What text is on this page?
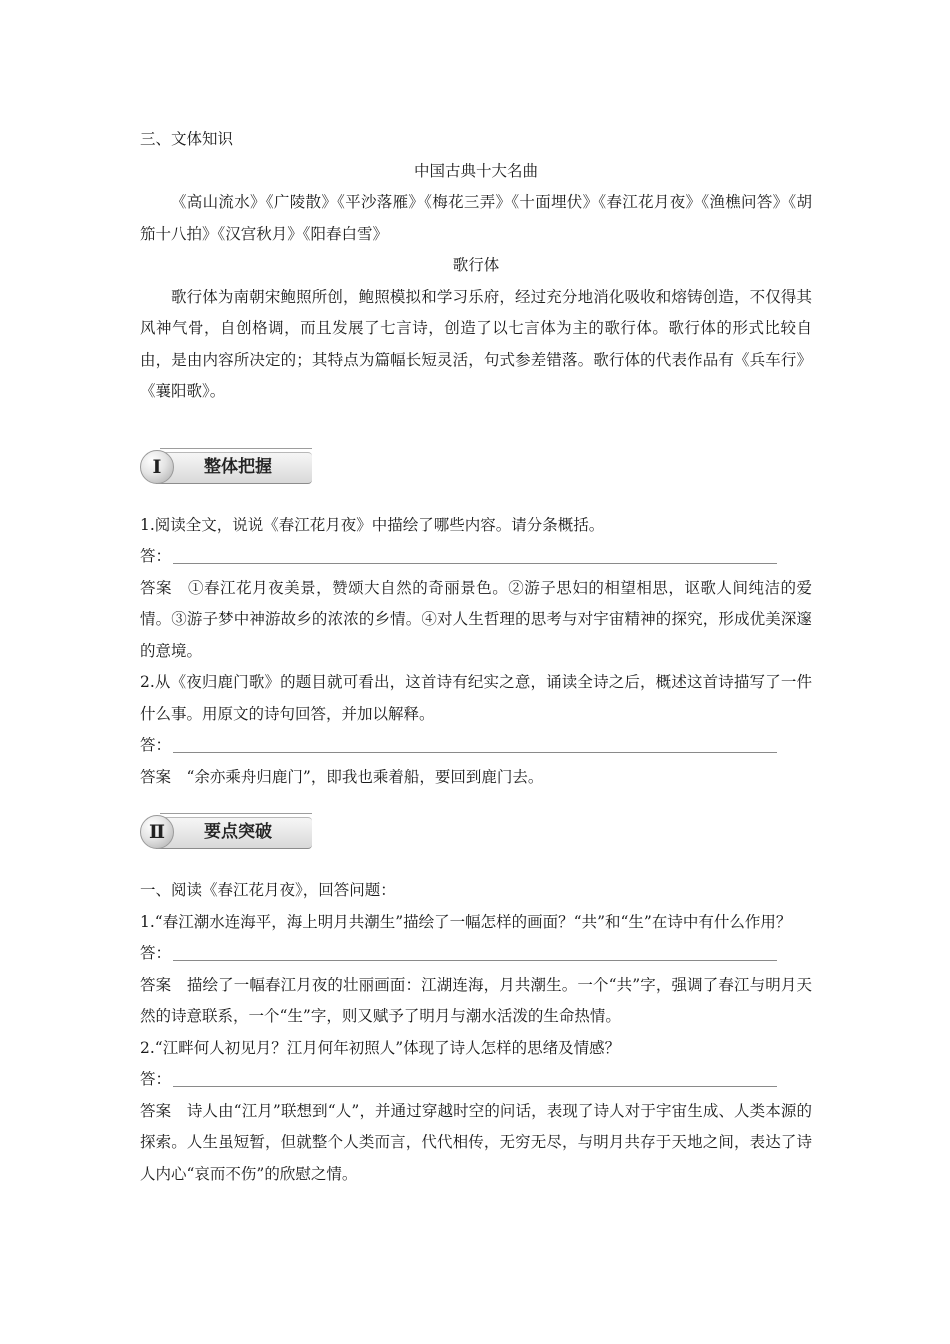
三、文体知识

中国古典十大名曲

《高山流水》《广陵散》《平沙落雁》《梅花三弄》《十面埋伏》《春江花月夜》《渔樵问答》《胡笳十八拍》《汉宫秋月》《阳春白雪》

歌行体

歌行体为南朝宋鲍照所创，鲍照模拟和学习乐府，经过充分地消化吸收和熔铸创造，不仅得其风神气骨，自创格调，而且发展了七言诗，创造了以七言体为主的歌行体。歌行体的形式比较自由，是由内容所决定的；其特点为篇幅长短灵活，句式参差错落。歌行体的代表作品有《兵车行》《襄阳歌》。

Ⅰ	整体把握

1.阅读全文，说说《春江花月夜》中描绘了哪些内容。请分条概括。

答：

答案　①春江花月夜美景，赞颂大自然的奇丽景色。②游子思妇的相望相思，讴歌人间纯洁的爱情。③游子梦中神游故乡的浓浓的乡情。④对人生哲理的思考与对宇宙精神的探究，形成优美深邃的意境。

2.从《夜归鹿门歌》的题目就可看出，这首诗有纪实之意，诵读全诗之后，概述这首诗描写了一件什么事。用原文的诗句回答，并加以解释。

答：

答案　“余亦乘舟归鹿门”，即我也乘着船，要回到鹿门去。

Ⅱ	要点突破

一、阅读《春江花月夜》，回答问题：

1.“春江潮水连海平，海上明月共潮生”描绘了一幅怎样的画面？“共”和“生”在诗中有什么作用？

答：

答案　描绘了一幅春江月夜的壮丽画面：江湖连海，月共潮生。一个“共”字，强调了春江与明月天然的诗意联系，一个“生”字，则又赋予了明月与潮水活泼的生命热情。

2.“江畔何人初见月？江月何年初照人”体现了诗人怎样的思绪及情感？

答：

答案　诗人由“江月”联想到“人”，并通过穿越时空的问话，表现了诗人对于宇宙生成、人类本源的探索。人生虽短暂，但就整个人类而言，代代相传，无穷无尽，与明月共存于天地之间，表达了诗人内心“哀而不伤”的欣慰之情。
